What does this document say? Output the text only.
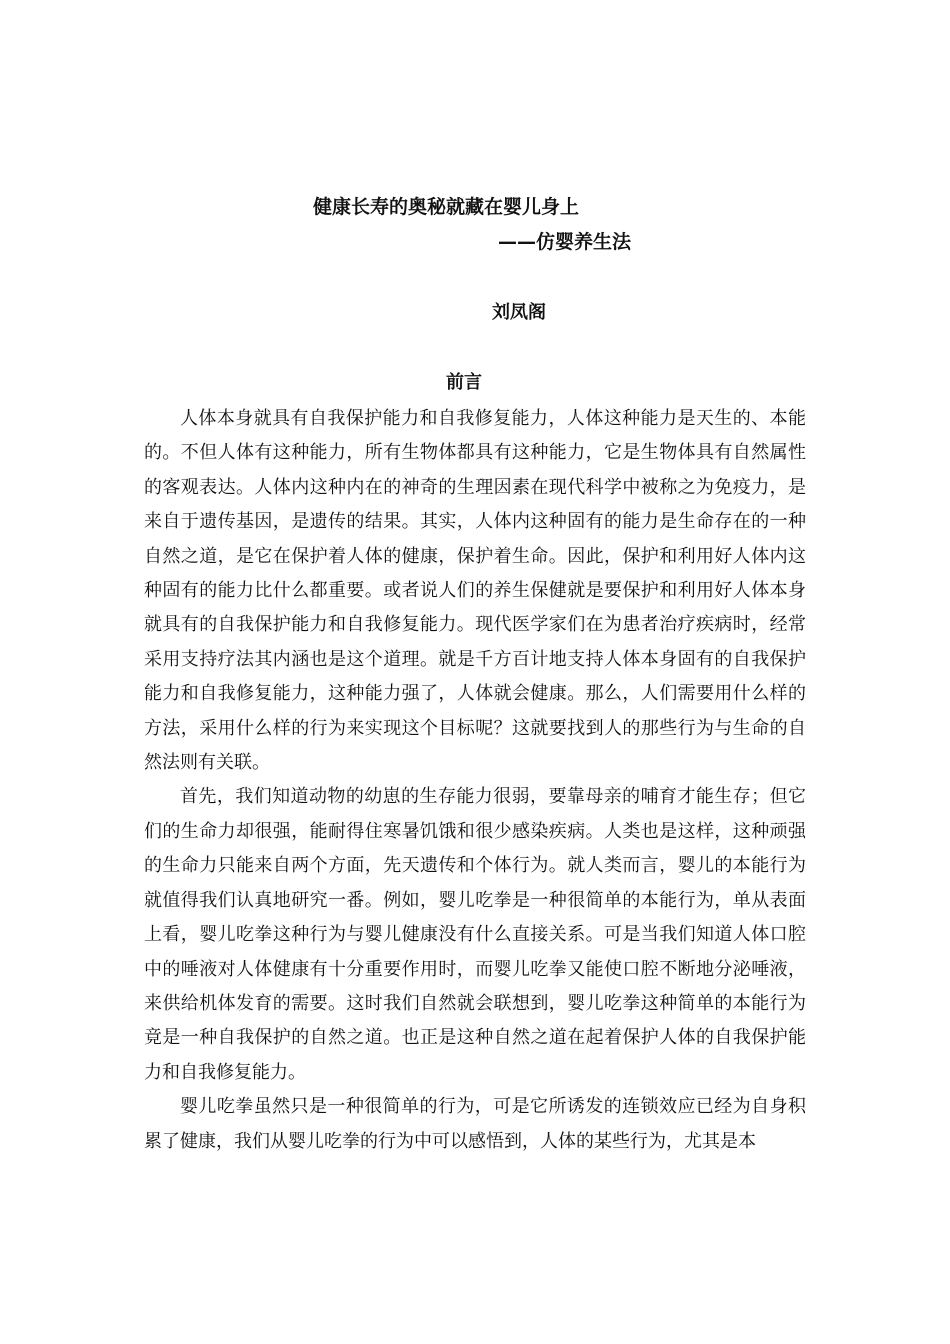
健康长寿的奥秘就藏在婴儿身上
——仿婴养生法
刘凤阁
前言

人体本身就具有自我保护能力和自我修复能力，人体这种能力是天生的、本能的。不但人体有这种能力，所有生物体都具有这种能力，它是生物体具有自然属性的客观表达。人体内这种内在的神奇的生理因素在现代科学中被称之为免疫力，是来自于遗传基因，是遗传的结果。其实，人体内这种固有的能力是生命存在的一种自然之道，是它在保护着人体的健康，保护着生命。因此，保护和利用好人体内这种固有的能力比什么都重要。或者说人们的养生保健就是要保护和利用好人体本身就具有的自我保护能力和自我修复能力。现代医学家们在为患者治疗疾病时，经常采用支持疗法其内涵也是这个道理。就是千方百计地支持人体本身固有的自我保护能力和自我修复能力，这种能力强了，人体就会健康。那么，人们需要用什么样的方法，采用什么样的行为来实现这个目标呢？这就要找到人的那些行为与生命的自然法则有关联。

首先，我们知道动物的幼崽的生存能力很弱，要靠母亲的哺育才能生存；但它们的生命力却很强，能耐得住寒暑饥饿和很少感染疾病。人类也是这样，这种顽强的生命力只能来自两个方面，先天遗传和个体行为。就人类而言，婴儿的本能行为就值得我们认真地研究一番。例如，婴儿吃拳是一种很简单的本能行为，单从表面上看，婴儿吃拳这种行为与婴儿健康没有什么直接关系。可是当我们知道人体口腔中的唾液对人体健康有十分重要作用时，而婴儿吃拳又能使口腔不断地分泌唾液，来供给机体发育的需要。这时我们自然就会联想到，婴儿吃拳这种简单的本能行为竟是一种自我保护的自然之道。也正是这种自然之道在起着保护人体的自我保护能力和自我修复能力。

婴儿吃拳虽然只是一种很简单的行为，可是它所诱发的连锁效应已经为自身积累了健康，我们从婴儿吃拳的行为中可以感悟到，人体的某些行为，尤其是本
